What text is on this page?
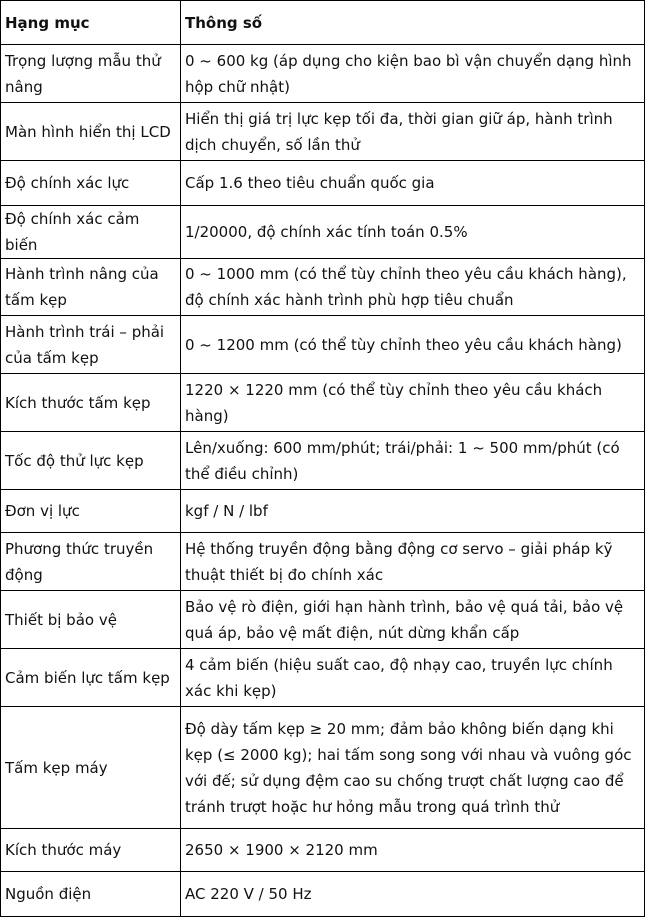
Hạng mục	Thông số
Trọng lượng mẫu thử nâng	0 ~ 600 kg (áp dụng cho kiện bao bì vận chuyển dạng hình hộp chữ nhật)
Màn hình hiển thị LCD	Hiển thị giá trị lực kẹp tối đa, thời gian giữ áp, hành trình dịch chuyển, số lần thử
Độ chính xác lực	Cấp 1.6 theo tiêu chuẩn quốc gia
Độ chính xác cảm biến	1/20000, độ chính xác tính toán 0.5%
Hành trình nâng của tấm kẹp	0 ~ 1000 mm (có thể tùy chỉnh theo yêu cầu khách hàng), độ chính xác hành trình phù hợp tiêu chuẩn
Hành trình trái – phải của tấm kẹp	0 ~ 1200 mm (có thể tùy chỉnh theo yêu cầu khách hàng)
Kích thước tấm kẹp	1220 × 1220 mm (có thể tùy chỉnh theo yêu cầu khách hàng)
Tốc độ thử lực kẹp	Lên/xuống: 600 mm/phút; trái/phải: 1 ~ 500 mm/phút (có thể điều chỉnh)
Đơn vị lực	kgf / N / lbf
Phương thức truyền động	Hệ thống truyền động bằng động cơ servo – giải pháp kỹ thuật thiết bị đo chính xác
Thiết bị bảo vệ	Bảo vệ rò điện, giới hạn hành trình, bảo vệ quá tải, bảo vệ quá áp, bảo vệ mất điện, nút dừng khẩn cấp
Cảm biến lực tấm kẹp	4 cảm biến (hiệu suất cao, độ nhạy cao, truyền lực chính xác khi kẹp)
Tấm kẹp máy	Độ dày tấm kẹp ≥ 20 mm; đảm bảo không biến dạng khi kẹp (≤ 2000 kg); hai tấm song song với nhau và vuông góc với đế; sử dụng đệm cao su chống trượt chất lượng cao để tránh trượt hoặc hư hỏng mẫu trong quá trình thử
Kích thước máy	2650 × 1900 × 2120 mm
Nguồn điện	AC 220 V / 50 Hz
